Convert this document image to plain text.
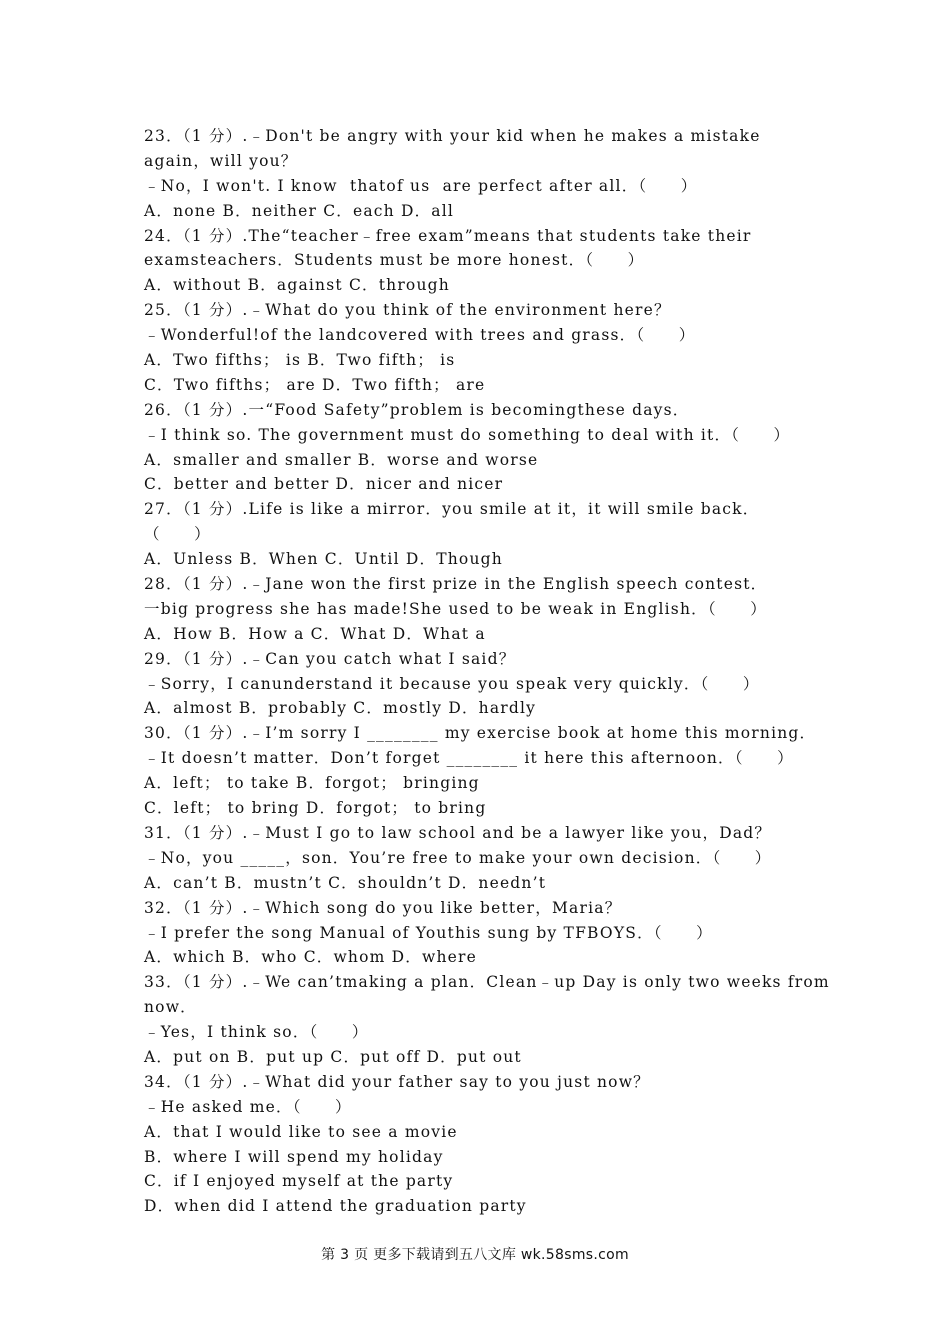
23．（1 分）.﹣Don't be angry with your kid when he makes a mistake
again，will you？
﹣No，I won't. I know  thatof us  are perfect after all．（　　）
A．none B．neither C．each D．all
24．（1 分）.The“teacher﹣free exam”means that students take their
examsteachers．Students must be more honest．（　　）
A．without B．against C．through
25．（1 分）.﹣What do you think of the environment here？
﹣Wonderful!of the landcovered with trees and grass．（　　）
A．Two fifths； is B．Two fifth； is
C．Two fifths； are D．Two fifth； are
26．（1 分）.一“Food Safety”problem is becomingthese days．
﹣I think so. The government must do something to deal with it．（　　）
A．smaller and smaller B．worse and worse
C．better and better D．nicer and nicer
27．（1 分）.Life is like a mirror．you smile at it，it will smile back．
（　　）
A．Unless B．When C．Until D．Though
28．（1 分）.﹣Jane won the first prize in the English speech contest．
一big progress she has made!She used to be weak in English．（　　）
A．How B．How a C．What D．What a
29．（1 分）.﹣Can you catch what I said？
﹣Sorry，I canunderstand it because you speak very quickly．（　　）
A．almost B．probably C．mostly D．hardly
30．（1 分）.﹣I’m sorry I ________ my exercise book at home this morning．
﹣It doesn’t matter．Don’t forget ________ it here this afternoon．（　　）
A．left； to take B．forgot； bringing
C．left； to bring D．forgot； to bring
31．（1 分）.﹣Must I go to law school and be a lawyer like you，Dad？
﹣No，you _____，son．You’re free to make your own decision．（　　）
A．can’t B．mustn’t C．shouldn’t D．needn’t
32．（1 分）.﹣Which song do you like better，Maria？
﹣I prefer the song Manual of Youthis sung by TFBOYS．（　　）
A．which B．who C．whom D．where
33．（1 分）.﹣We can’tmaking a plan．Clean﹣up Day is only two weeks from
now．
﹣Yes，I think so．（　　）
A．put on B．put up C．put off D．put out
34．（1 分）.﹣What did your father say to you just now？
﹣He asked me．（　　）
A．that I would like to see a movie
B．where I will spend my holiday
C．if I enjoyed myself at the party
D．when did I attend the graduation party
第 3 页 更多下载请到五八文库 wk.58sms.com
